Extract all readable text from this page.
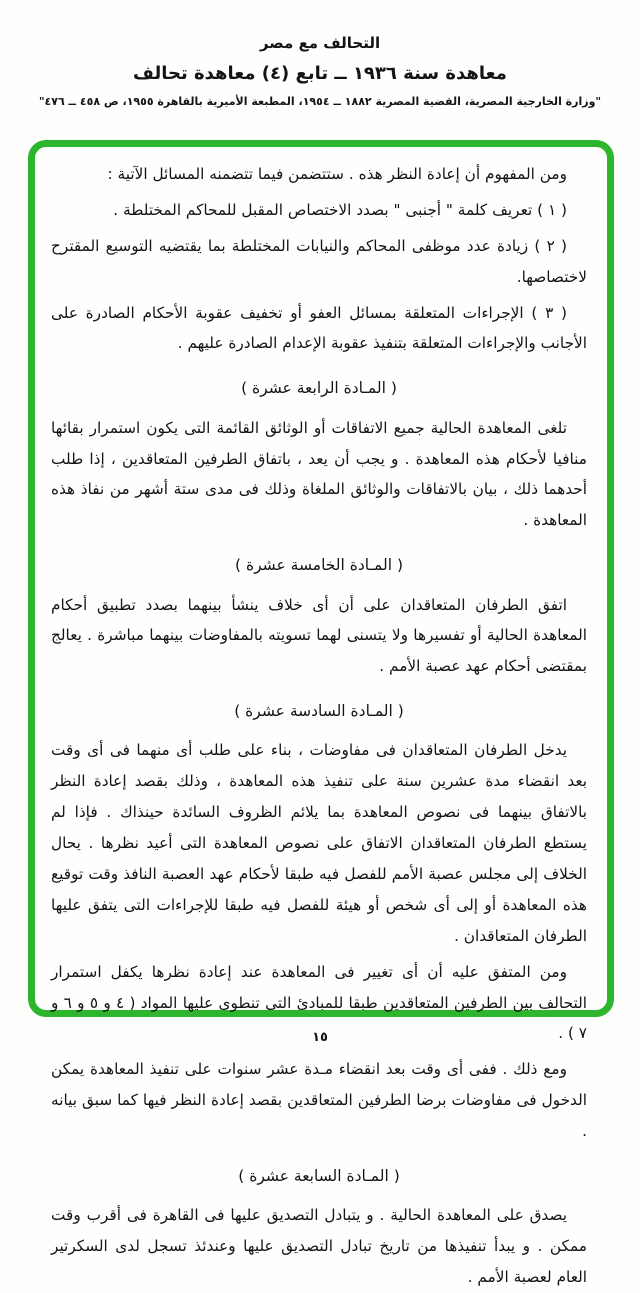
التحالف مع مصر
معاهدة سنة ١٩٣٦ ــ تابع (٤) معاهدة تحالف
"وزارة الخارجية المصرية، القضية المصرية ١٨٨٢ ــ ١٩٥٤، المطبعة الأميرية بالقاهرة ١٩٥٥، ص ٤٥٨ ــ ٤٧٦"

ومن المفهوم أن إعادة النظر هذه . ستتضمن فيما تتضمنه المسائل الآتية :

( ١ ) تعريف كلمة " أجنبى " بصدد الاختصاص المقبل للمحاكم المختلطة .

( ٢ ) زيادة عدد موظفى المحاكم والنيابات المختلطة بما يقتضيه التوسيع المقترح لاختصاصها.

( ٣ ) الإجراءات المتعلقة بمسائل العفو أو تخفيف عقوبة الأحكام الصادرة على الأجانب والإجراءات المتعلقة بتنفيذ عقوبة الإعدام الصادرة عليهم .

( المـادة الرابعة عشرة )

تلغى المعاهدة الحالية جميع الاتفاقات أو الوثائق القائمة التى يكون استمرار بقائها منافيا لأحكام هذه المعاهدة . و يجب أن يعد ، باتفاق الطرفين المتعاقدين ، إذا طلب أحدهما ذلك ، بيان بالاتفاقات والوثائق الملغاة وذلك فى مدى ستة أشهر من نفاذ هذه المعاهدة .

( المـادة الخامسة عشرة )

اتفق الطرفان المتعاقدان على أن أى خلاف ينشأ بينهما بصدد تطبيق أحكام المعاهدة الحالية أو تفسيرها ولا يتسنى لهما تسويته بالمفاوضات بينهما مباشرة . يعالج بمقتضى أحكام عهد عصبة الأمم .

( المـادة السادسة عشرة )

يدخل الطرفان المتعاقدان فى مفاوضات ، بناء على طلب أى منهما فى أى وقت بعد انقضاء مدة عشرين سنة على تنفيذ هذه المعاهدة ، وذلك بقصد إعادة النظر بالاتفاق بينهما فى نصوص المعاهدة بما يلائم الظروف السائدة حينذاك . فإذا لم يستطع الطرفان المتعاقدان الاتفاق على نصوص المعاهدة التى أعيد نظرها . يحال الخلاف إلى مجلس عصبة الأمم للفصل فيه طبقا لأحكام عهد العصبة النافذ وقت توقيع هذه المعاهدة أو إلى أى شخص أو هيئة للفصل فيه طبقا للإجراءات التى يتفق عليها الطرفان المتعاقدان .

ومن المتفق عليه أن أى تغيير فى المعاهدة عند إعادة نظرها يكفل استمرار التحالف بين الطرفين المتعاقدين طبقا للمبادئ التى تنطوى عليها المواد ( ٤ و ٥ و ٦ و ٧ ) .

ومع ذلك . ففى أى وقت بعد انقضاء مـدة عشر سنوات على تنفيذ المعاهدة يمكن الدخول فى مفاوضات برضا الطرفين المتعاقدين بقصد إعادة النظر فيها كما سبق بيانه .

( المـادة السابعة عشرة )

يصدق على المعاهدة الحالية . و يتبادل التصديق عليها فى القاهرة فى أقرب وقت ممكن . و يبدأ تنفيذها من تاريخ تبادل التصديق عليها وعندئذ تسجل لدى السكرتير العام لعصبة الأمم .

١٥
